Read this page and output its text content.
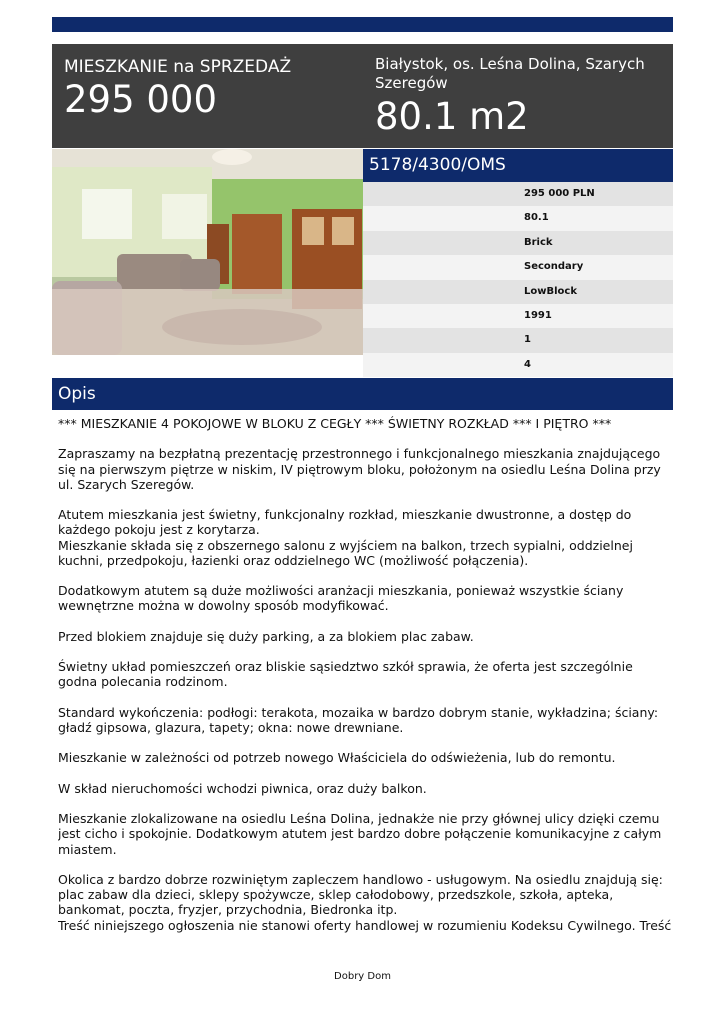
MIESZKANIE na SPRZEDAŻ
295 000
Białystok, os. Leśna Dolina, Szarych Szeregów
80.1 m2
5178/4300/OMS
295 000 PLN
80.1
Brick
Secondary
LowBlock
1991
1
4
Opis

*** MIESZKANIE 4 POKOJOWE W BLOKU Z CEGŁY *** ŚWIETNY ROZKŁAD *** I PIĘTRO ***

Zapraszamy na bezpłatną prezentację przestronnego i funkcjonalnego mieszkania znajdującego się na pierwszym piętrze w niskim, IV piętrowym bloku, położonym na osiedlu Leśna Dolina przy ul. Szarych Szeregów.

Atutem mieszkania jest świetny, funkcjonalny rozkład, mieszkanie dwustronne, a dostęp do każdego pokoju jest z korytarza.
Mieszkanie składa się z obszernego salonu z wyjściem na balkon, trzech sypialni, oddzielnej kuchni, przedpokoju, łazienki oraz oddzielnego WC (możliwość połączenia).

Dodatkowym atutem są duże możliwości aranżacji mieszkania, ponieważ wszystkie ściany wewnętrzne można w dowolny sposób modyfikować.

Przed blokiem znajduje się duży parking, a za blokiem plac zabaw.

Świetny układ pomieszczeń oraz bliskie sąsiedztwo szkół sprawia, że oferta jest szczególnie godna polecania rodzinom.

Standard wykończenia: podłogi: terakota, mozaika w bardzo dobrym stanie, wykładzina; ściany: gładź gipsowa, glazura, tapety; okna: nowe drewniane.

Mieszkanie w zależności od potrzeb nowego Właściciela do odświeżenia, lub do remontu.

W skład nieruchomości wchodzi piwnica, oraz duży balkon.

Mieszkanie zlokalizowane na osiedlu Leśna Dolina, jednakże nie przy głównej ulicy dzięki czemu jest cicho i spokojnie. Dodatkowym atutem jest bardzo dobre połączenie komunikacyjne z całym miastem.

Okolica z bardzo dobrze rozwiniętym zapleczem handlowo - usługowym. Na osiedlu znajdują się: plac zabaw dla dzieci, sklepy spożywcze, sklep całodobowy, przedszkole, szkoła, apteka, bankomat, poczta, fryzjer, przychodnia, Biedronka itp.
Treść niniejszego ogłoszenia nie stanowi oferty handlowej w rozumieniu Kodeksu Cywilnego. Treść

Dobry Dom
